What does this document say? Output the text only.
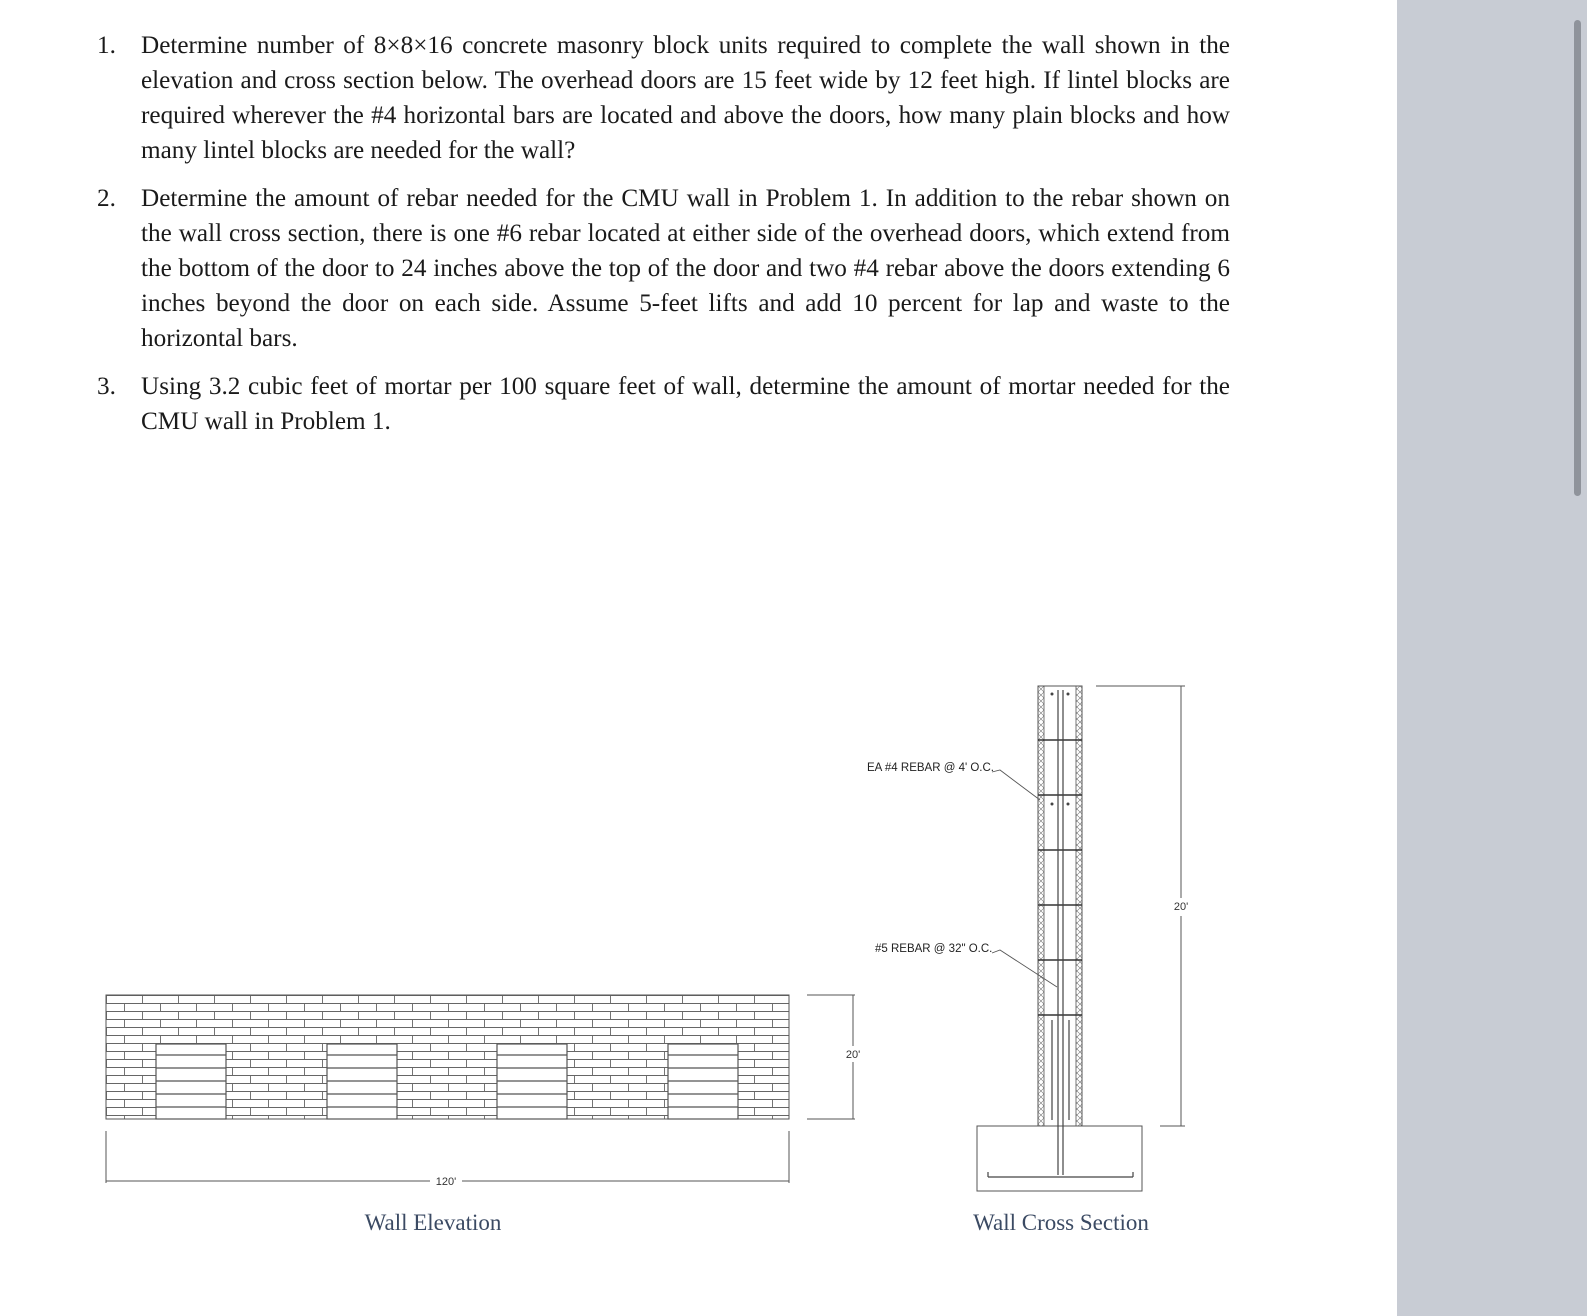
1. Determine number of 8×8×16 concrete masonry block units required to complete the wall shown in the elevation and cross section below. The overhead doors are 15 feet wide by 12 feet high. If lintel blocks are required wherever the #4 horizontal bars are located and above the doors, how many plain blocks and how many lintel blocks are needed for the wall?
2. Determine the amount of rebar needed for the CMU wall in Problem 1. In addition to the rebar shown on the wall cross section, there is one #6 rebar located at either side of the overhead doors, which extend from the bottom of the door to 24 inches above the top of the door and two #4 rebar above the doors extending 6 inches beyond the door on each side. Assume 5-feet lifts and add 10 percent for lap and waste to the horizontal bars.
3. Using 3.2 cubic feet of mortar per 100 square feet of wall, determine the amount of mortar needed for the CMU wall in Problem 1.
120'
20'
Wall Elevation
EA #4 REBAR @ 4' O.C.
#5 REBAR @ 32" O.C.
20'
Wall Cross Section
